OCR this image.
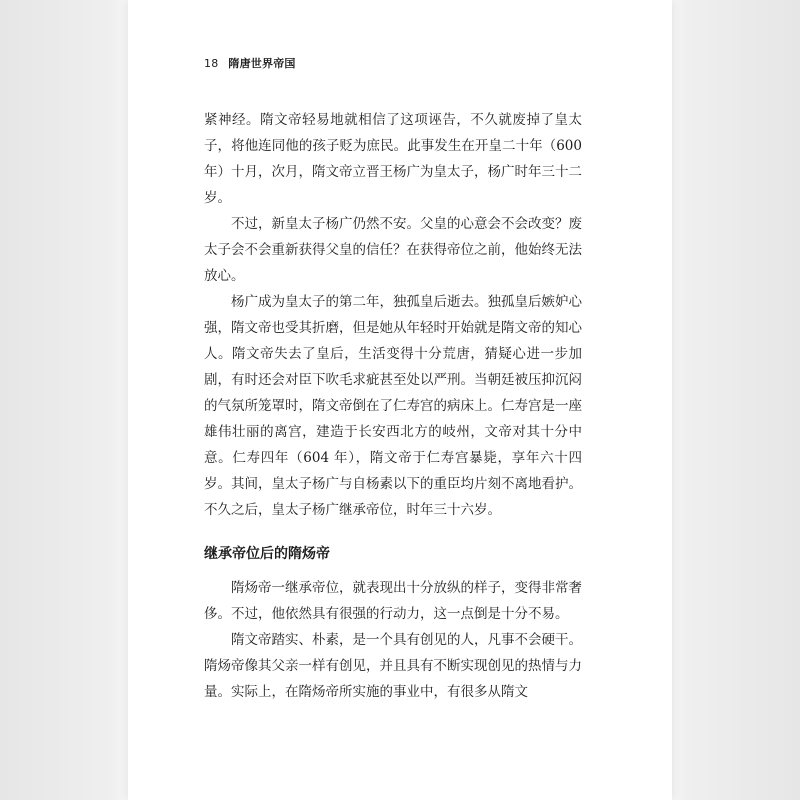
18 隋唐世界帝国

紧神经。隋文帝轻易地就相信了这项诬告，不久就废掉了皇太子，将他连同他的孩子贬为庶民。此事发生在开皇二十年（600 年）十月，次月，隋文帝立晋王杨广为皇太子，杨广时年三十二岁。

不过，新皇太子杨广仍然不安。父皇的心意会不会改变？废太子会不会重新获得父皇的信任？在获得帝位之前，他始终无法放心。

杨广成为皇太子的第二年，独孤皇后逝去。独孤皇后嫉妒心强，隋文帝也受其折磨，但是她从年轻时开始就是隋文帝的知心人。隋文帝失去了皇后，生活变得十分荒唐，猜疑心进一步加剧，有时还会对臣下吹毛求疵甚至处以严刑。当朝廷被压抑沉闷的气氛所笼罩时，隋文帝倒在了仁寿宫的病床上。仁寿宫是一座雄伟壮丽的离宫，建造于长安西北方的岐州，文帝对其十分中意。仁寿四年（604 年），隋文帝于仁寿宫暴毙，享年六十四岁。其间，皇太子杨广与自杨素以下的重臣均片刻不离地看护。不久之后，皇太子杨广继承帝位，时年三十六岁。

继承帝位后的隋炀帝

隋炀帝一继承帝位，就表现出十分放纵的样子，变得非常奢侈。不过，他依然具有很强的行动力，这一点倒是十分不易。

隋文帝踏实、朴素，是一个具有创见的人，凡事不会硬干。隋炀帝像其父亲一样有创见，并且具有不断实现创见的热情与力量。实际上，在隋炀帝所实施的事业中，有很多从隋文
